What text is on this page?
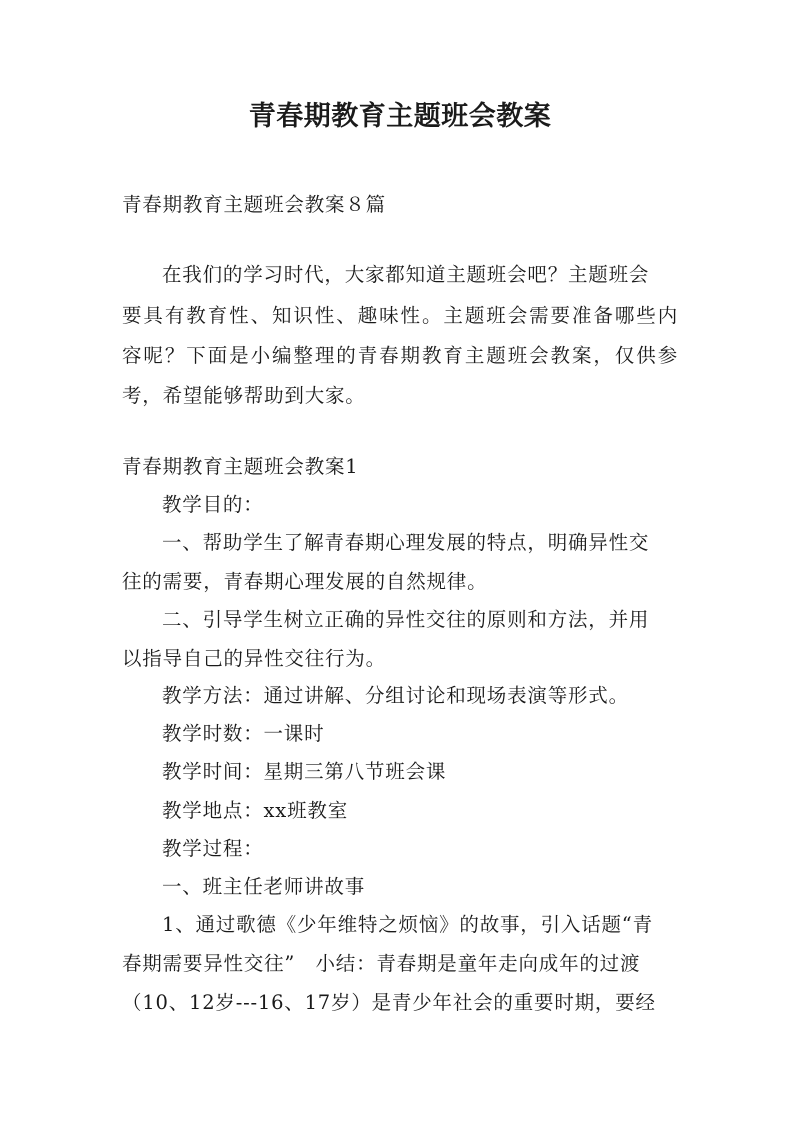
青春期教育主题班会教案

青春期教育主题班会教案８篇

在我们的学习时代，大家都知道主题班会吧？主题班会

要具有教育性、知识性、趣味性。主题班会需要准备哪些内

容呢？下面是小编整理的青春期教育主题班会教案，仅供参

考，希望能够帮助到大家。

青春期教育主题班会教案1

教学目的：

一、帮助学生了解青春期心理发展的特点，明确异性交

往的需要，青春期心理发展的自然规律。

二、引导学生树立正确的异性交往的原则和方法，并用

以指导自己的异性交往行为。

教学方法：通过讲解、分组讨论和现场表演等形式。

教学时数：一课时

教学时间：星期三第八节班会课

教学地点：xx班教室

教学过程：

一、班主任老师讲故事

1、通过歌德《少年维特之烦恼》的故事，引入话题“青

春期需要异性交往”　小结：青春期是童年走向成年的过渡

（10、12岁---16、17岁）是青少年社会的重要时期，要经
